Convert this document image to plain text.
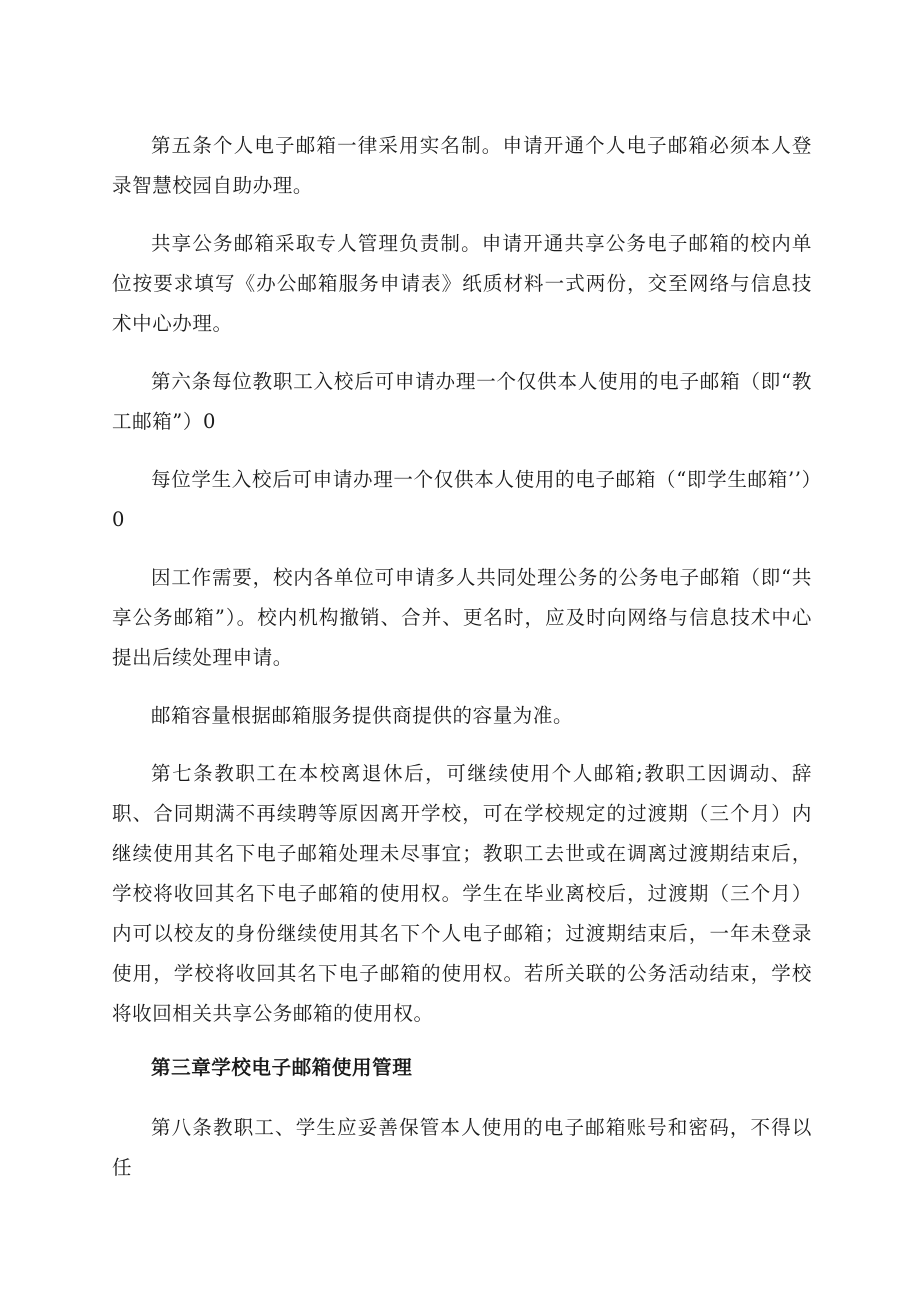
第五条个人电子邮箱一律采用实名制。申请开通个人电子邮箱必须本人登录智慧校园自助办理。

共享公务邮箱采取专人管理负责制。申请开通共享公务电子邮箱的校内单位按要求填写《办公邮箱服务申请表》纸质材料一式两份，交至网络与信息技术中心办理。

第六条每位教职工入校后可申请办理一个仅供本人使用的电子邮箱（即“教工邮箱”）0

每位学生入校后可申请办理一个仅供本人使用的电子邮箱（“即学生邮箱’’）0

因工作需要，校内各单位可申请多人共同处理公务的公务电子邮箱（即“共享公务邮箱”）。校内机构撤销、合并、更名时，应及时向网络与信息技术中心提出后续处理申请。

邮箱容量根据邮箱服务提供商提供的容量为准。

第七条教职工在本校离退休后，可继续使用个人邮箱;教职工因调动、辞职、合同期满不再续聘等原因离开学校，可在学校规定的过渡期（三个月）内继续使用其名下电子邮箱处理未尽事宜；教职工去世或在调离过渡期结束后，学校将收回其名下电子邮箱的使用权。学生在毕业离校后，过渡期（三个月）内可以校友的身份继续使用其名下个人电子邮箱；过渡期结束后，一年未登录使用，学校将收回其名下电子邮箱的使用权。若所关联的公务活动结束，学校将收回相关共享公务邮箱的使用权。

第三章学校电子邮箱使用管理

第八条教职工、学生应妥善保管本人使用的电子邮箱账号和密码，不得以任
